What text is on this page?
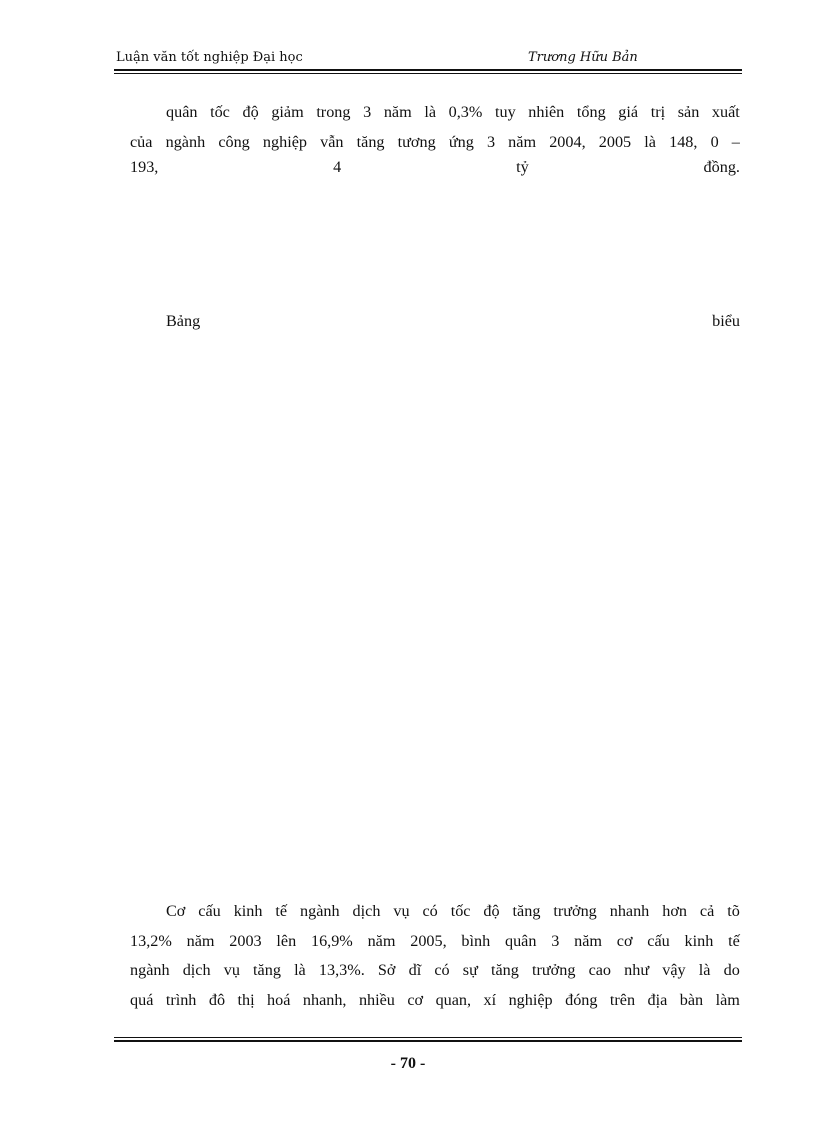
Luận văn tốt nghiệp Đại học	Trương Hữu Bản
quân tốc độ giảm trong 3 năm là 0,3% tuy nhiên tổng giá trị sản xuất
của ngành công nghiệp vẫn tăng tương ứng 3 năm 2004, 2005 là 148, 0 –
193,	4	tỷ	đồng.
Bảng	biểu
Cơ cấu kinh tế ngành dịch vụ có tốc độ tăng trưởng nhanh hơn cả tõ
13,2% năm 2003 lên 16,9% năm 2005, bình quân 3 năm cơ cấu kinh tế
ngành dịch vụ tăng là 13,3%. Sở dĩ có sự tăng trưởng cao như vậy là do
quá trình đô thị hoá nhanh, nhiều cơ quan, xí nghiệp đóng trên địa bàn làm
- 70 -
